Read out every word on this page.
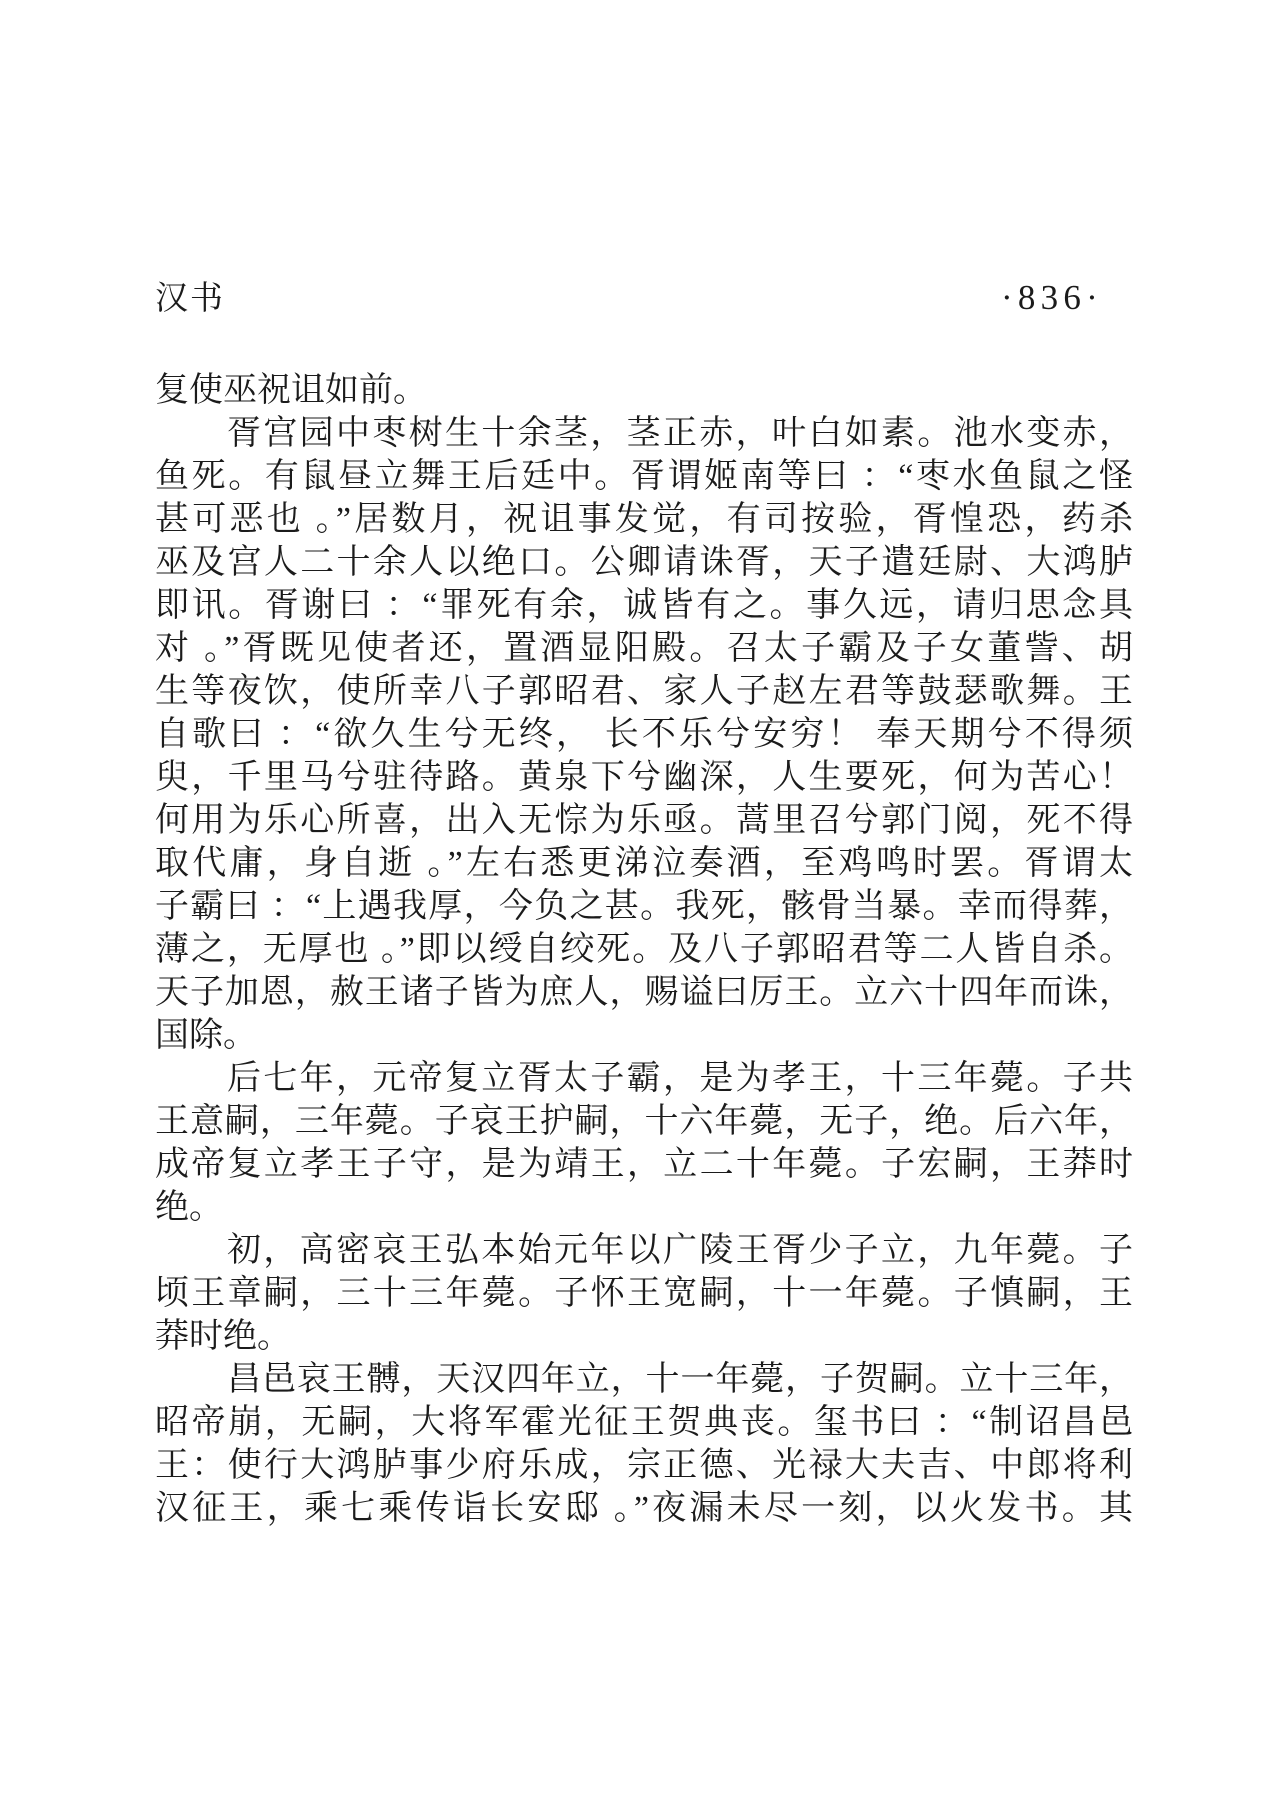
汉书	·836·
复使巫祝诅如前。
胥宫园中枣树生十余茎，茎正赤，叶白如素。池水变赤，
鱼死。有鼠昼立舞王后廷中。胥谓姬南等曰 ：“枣水鱼鼠之怪
甚可恶也 。”居数月，祝诅事发觉，有司按验，胥惶恐，药杀
巫及宫人二十余人以绝口。公卿请诛胥，天子遣廷尉、大鸿胪
即讯。胥谢曰 ：“罪死有余，诚皆有之。事久远，请归思念具
对 。”胥既见使者还，置酒显阳殿。召太子霸及子女董訾、胡
生等夜饮，使所幸八子郭昭君、家人子赵左君等鼓瑟歌舞。王
自歌曰 ：“欲久生兮无终， 长不乐兮安穷！ 奉天期兮不得须
臾，千里马兮驻待路。黄泉下兮幽深，人生要死，何为苦心！
何用为乐心所喜，出入无悰为乐亟。蒿里召兮郭门阅，死不得
取代庸，身自逝 。”左右悉更涕泣奏酒，至鸡鸣时罢。胥谓太
子霸曰 ：“上遇我厚，今负之甚。我死，骸骨当暴。幸而得葬，
薄之，无厚也 。”即以绶自绞死。及八子郭昭君等二人皆自杀。
天子加恩，赦王诸子皆为庶人，赐谥曰厉王。立六十四年而诛，
国除。
后七年，元帝复立胥太子霸，是为孝王，十三年薨。子共
王意嗣，三年薨。子哀王护嗣，十六年薨，无子，绝。后六年，
成帝复立孝王子守，是为靖王，立二十年薨。子宏嗣，王莽时
绝。
初，高密哀王弘本始元年以广陵王胥少子立，九年薨。子
顷王章嗣，三十三年薨。子怀王宽嗣，十一年薨。子慎嗣，王
莽时绝。
昌邑哀王髆，天汉四年立，十一年薨，子贺嗣。立十三年，
昭帝崩，无嗣，大将军霍光征王贺典丧。玺书曰 ：“制诏昌邑
王：使行大鸿胪事少府乐成，宗正德、光禄大夫吉、中郎将利
汉征王，乘七乘传诣长安邸 。”夜漏未尽一刻，以火发书。其
